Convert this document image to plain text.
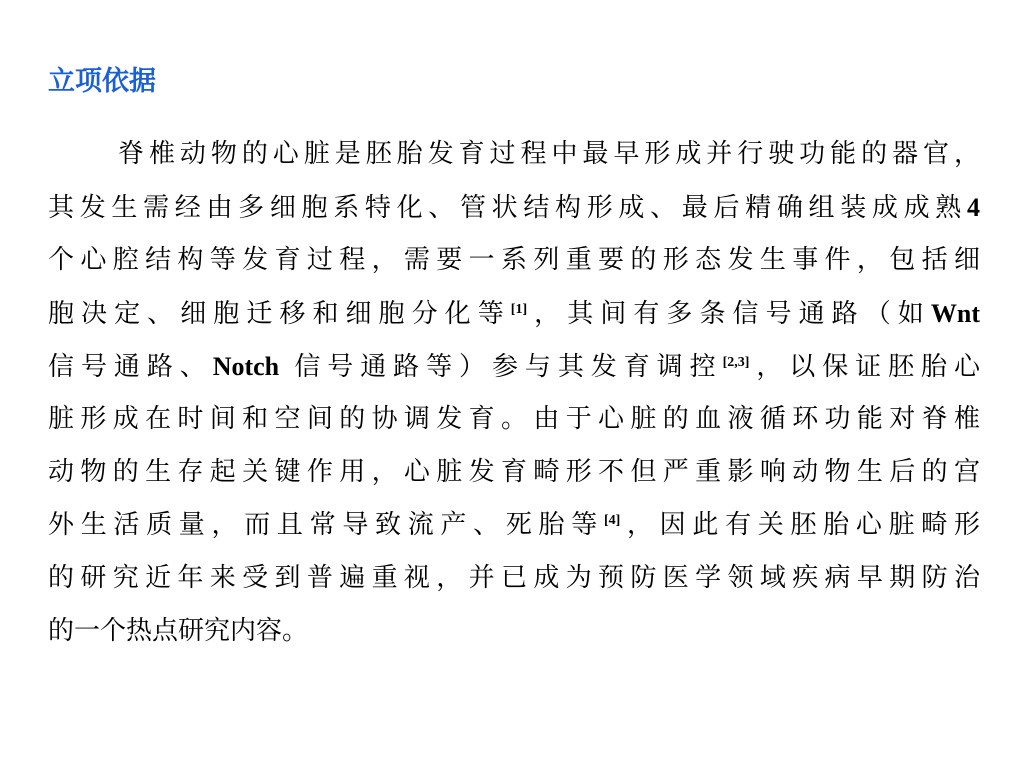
立项依据
脊椎动物的心脏是胚胎发育过程中最早形成并行驶功能的器官，
其发生需经由多细胞系特化、管状结构形成、最后精确组装成成熟4
个心腔结构等发育过程，需要一系列重要的形态发生事件，包括细
胞决定、细胞迁移和细胞分化等[1]，其间有多条信号通路（如Wnt
信号通路、Notch 信号通路等）参与其发育调控[2,3]，以保证胚胎心
脏形成在时间和空间的协调发育。由于心脏的血液循环功能对脊椎
动物的生存起关键作用，心脏发育畸形不但严重影响动物生后的宫
外生活质量，而且常导致流产、死胎等[4]，因此有关胚胎心脏畸形
的研究近年来受到普遍重视，并已成为预防医学领域疾病早期防治
的一个热点研究内容。
